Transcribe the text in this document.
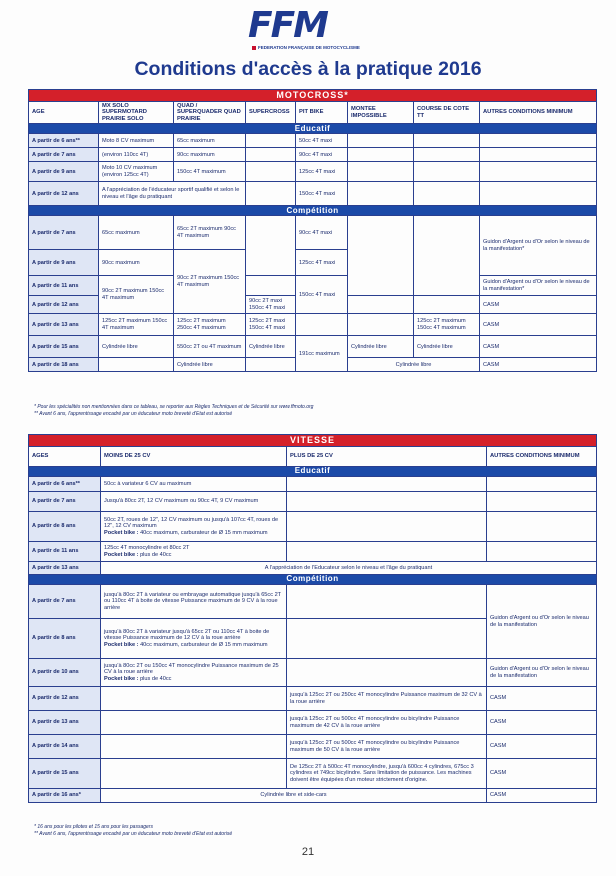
FFM
FEDERATION FRANÇAISE DE MOTOCYCLISME
Conditions d'accès à la pratique 2016
MOTOCROSS*							
AGE	MX SOLO SUPERMOTARD PRAIRIE SOLO	QUAD / SUPERQUADER QUAD PRAIRIE	SUPERCROSS	PIT BIKE	MONTEE IMPOSSIBLE	COURSE DE COTE TT	AUTRES CONDITIONS MINIMUM
Educatif							
A partir de 6 ans**	Moto 8 CV maximum	65cc maximum		50cc 4T maxi			
A partir de 7 ans	(environ 110cc 4T)	90cc maximum		90cc 4T maxi			
A partir de 9 ans	Moto 10 CV maximum (environ 125cc 4T)	150cc 4T maximum		125cc 4T maxi			
A partir de 12 ans	A l'appréciation de l'éducateur sportif qualifié et selon le niveau et l'âge du pratiquant			150cc 4T maxi			
Compétition							
A partir de 7 ans	65cc maximum	65cc 2T maximum 90cc 4T maximum		90cc 4T maxi			Guidon d'Argent ou d'Or selon le niveau de la manifestation*
A partir de 9 ans	90cc maximum	90cc 2T maximum 150cc 4T maximum		125cc 4T maxi			
A partir de 11 ans	90cc 2T maximum 150cc 4T maximum			150cc 4T maxi			Guidon d'Argent ou d'Or selon le niveau de la manifestation*
A partir de 12 ans			90cc 2T maxi 150cc 4T maxi				CASM
A partir de 13 ans	125cc 2T maximum 150cc 4T maximum	125cc 2T maximum 250cc 4T maximum	125cc 2T maxi 150cc 4T maxi			125cc 2T maximum 150cc 4T maximum	CASM
A partir de 15 ans	Cylindrée libre	550cc 2T ou 4T maximum	Cylindrée libre	191cc maximum	Cylindrée libre	Cylindrée libre	CASM
A partir de 18 ans		Cylindrée libre			Cylindrée libre		CASM
* Pour les spécialités non mentionnées dans ce tableau, se reporter aux Règles Techniques et de Sécurité sur www.ffmoto.org
** Avant 6 ans, l'apprentissage encadré par un éducateur moto breveté d'Etat est autorisé
VITESSE			
AGES	MOINS DE 25 CV	PLUS DE 25 CV	AUTRES CONDITIONS MINIMUM
Educatif			
A partir de 6 ans**	50cc à variateur 6 CV au maximum		
A partir de 7 ans	Jusqu'à 80cc 2T, 12 CV maximum ou 90cc 4T, 9 CV maximum		
A partir de 8 ans	50cc 2T, roues de 12", 12 CV maximum ou jusqu'à 107cc 4T, roues de 12", 12 CV maximum
Pocket bike : 40cc maximum, carburateur de Ø 15 mm maximum		
A partir de 11 ans	125cc 4T monocylindre et 80cc 2T
Pocket bike : plus de 40cc		
A partir de 13 ans	A l'appréciation de l'Educateur selon le niveau et l'âge du pratiquant		
Compétition			
A partir de 7 ans	jusqu'à 80cc 2T à variateur ou embrayage automatique jusqu'à 65cc 2T ou 110cc 4T à boite de vitesse Puissance maximum de 9 CV à la roue arrière		Guidon d'Argent ou d'Or selon le niveau de la manifestation
A partir de 8 ans	jusqu'à 80cc 2T à variateur jusqu'à 65cc 2T ou 110cc 4T à boite de vitesse Puissance maximum de 12 CV à la roue arrière
Pocket bike : 40cc maximum, carburateur de Ø 15 mm maximum		
A partir de 10 ans	jusqu'à 80cc 2T ou 150cc 4T monocylindre Puissance maximum de 25 CV à la roue arrière
Pocket bike : plus de 40cc		Guidon d'Argent ou d'Or selon le niveau de la manifestation
A partir de 12 ans		jusqu'à 125cc 2T ou 250cc 4T monocylindre Puissance maximum de 32 CV à la roue arrière	CASM
A partir de 13 ans		jusqu'à 125cc 2T ou 500cc 4T monocylindre ou bicylindre Puissance maximum de 42 CV à la roue arrière	CASM
A partir de 14 ans		jusqu'à 125cc 2T ou 500cc 4T monocylindre ou bicylindre Puissance maximum de 50 CV à la roue arrière	CASM
A partir de 15 ans		De 125cc 2T à 500cc 4T monocylindre, jusqu'à 600cc 4 cylindres, 675cc 3 cylindres et 749cc bicylindre. Sans limitation de puissance. Les machines doivent être équipées d'un moteur strictement d'origine.	CASM
A partir de 16 ans*	Cylindrée libre et side-cars		CASM
* 16 ans pour les pilotes et 15 ans pour les passagers
** Avant 6 ans, l'apprentissage encadré par un éducateur moto breveté d'Etat est autorisé
21
